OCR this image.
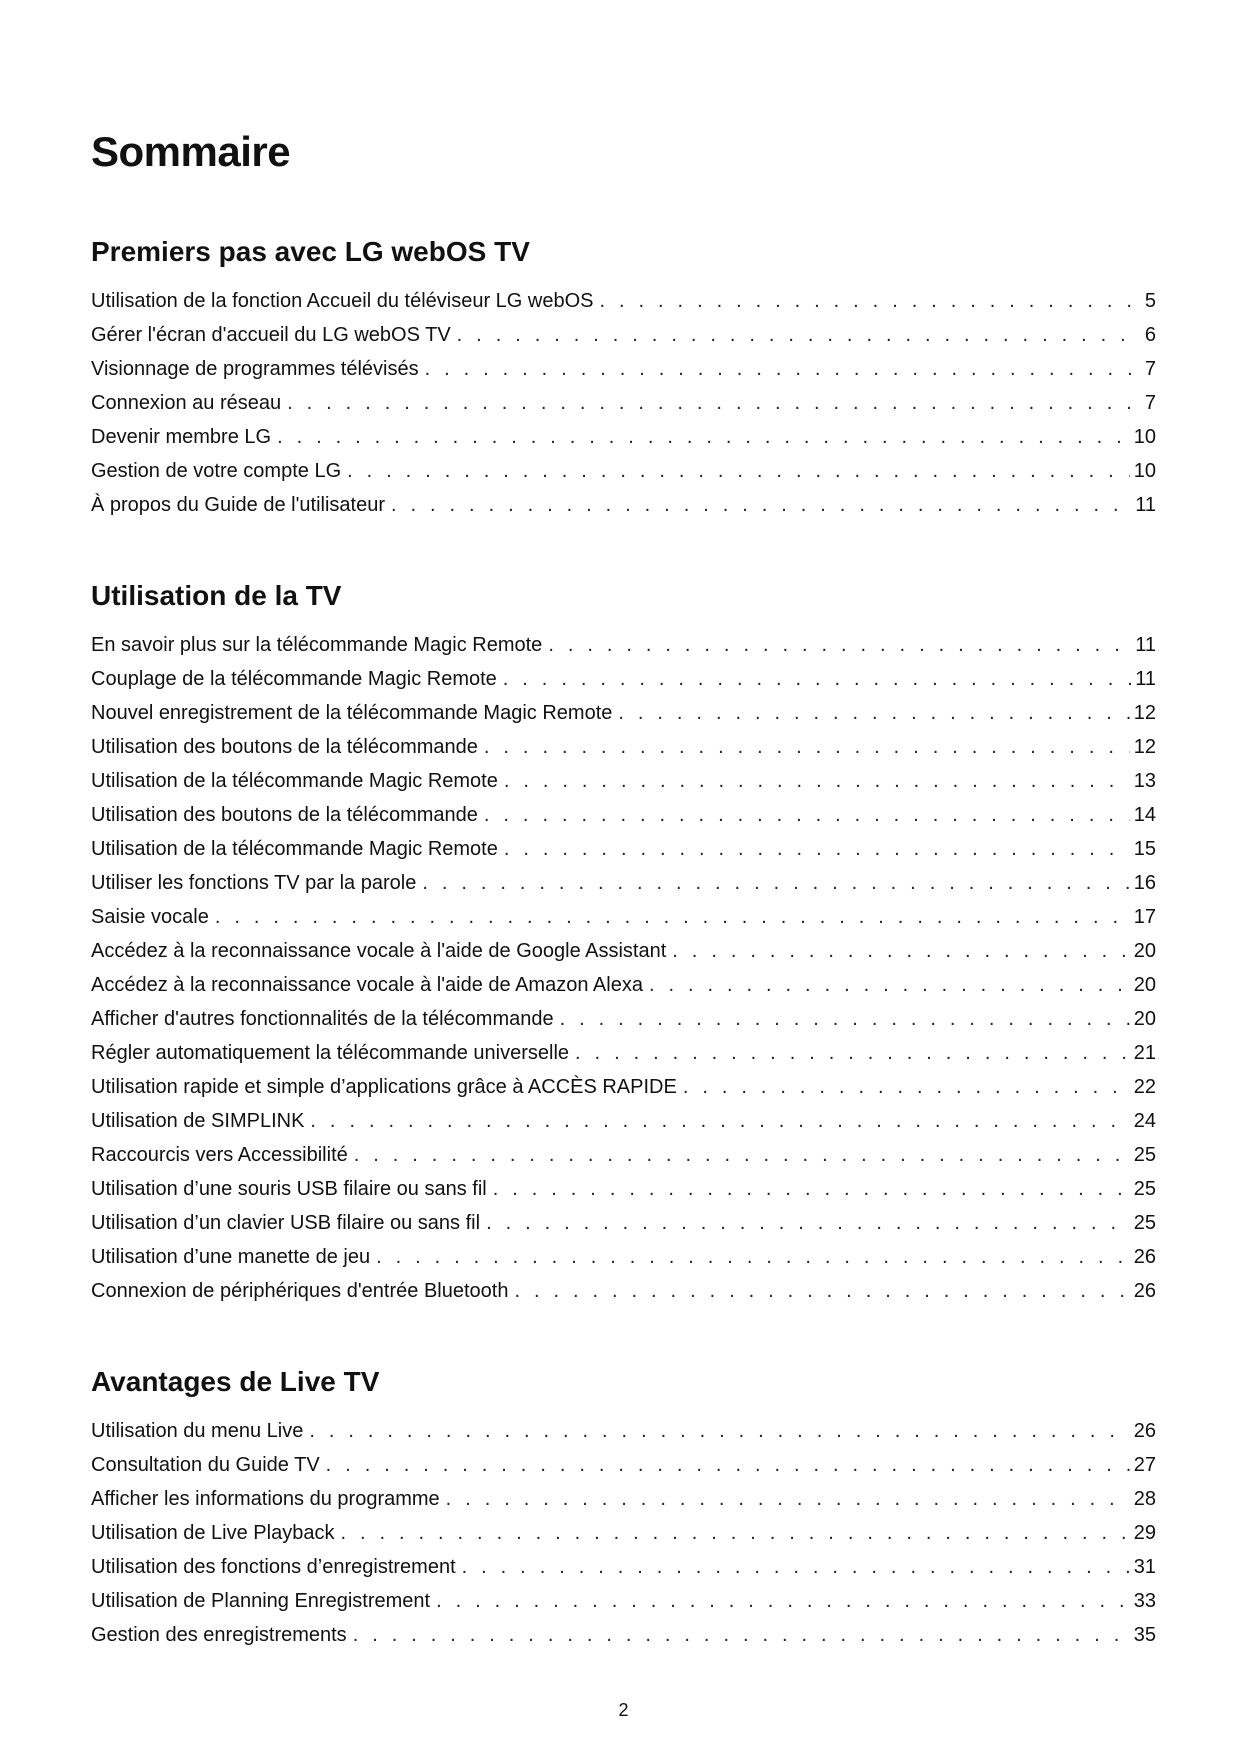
Sommaire
Premiers pas avec LG webOS TV
Utilisation de la fonction Accueil du téléviseur LG webOS . . .	5
Gérer l'écran d'accueil du LG webOS TV . . .	6
Visionnage de programmes télévisés . . .	7
Connexion au réseau . . .	7
Devenir membre LG . . .	10
Gestion de votre compte LG . . .	10
À propos du Guide de l'utilisateur . . .	11
Utilisation de la TV
En savoir plus sur la télécommande Magic Remote . . .	11
Couplage de la télécommande Magic Remote . . .	11
Nouvel enregistrement de la télécommande Magic Remote . . .	12
Utilisation des boutons de la télécommande . . .	12
Utilisation de la télécommande Magic Remote . . .	13
Utilisation des boutons de la télécommande . . .	14
Utilisation de la télécommande Magic Remote . . .	15
Utiliser les fonctions TV par la parole . . .	16
Saisie vocale . . .	17
Accédez à la reconnaissance vocale à l'aide de Google Assistant . . .	20
Accédez à la reconnaissance vocale à l'aide de Amazon Alexa . . .	20
Afficher d'autres fonctionnalités de la télécommande . . .	20
Régler automatiquement la télécommande universelle . . .	21
Utilisation rapide et simple d’applications grâce à ACCÈS RAPIDE . . .	22
Utilisation de SIMPLINK . . .	24
Raccourcis vers Accessibilité . . .	25
Utilisation d’une souris USB filaire ou sans fil . . .	25
Utilisation d’un clavier USB filaire ou sans fil . . .	25
Utilisation d’une manette de jeu . . .	26
Connexion de périphériques d'entrée Bluetooth . . .	26
Avantages de Live TV
Utilisation du menu Live . . .	26
Consultation du Guide TV . . .	27
Afficher les informations du programme . . .	28
Utilisation de Live Playback . . .	29
Utilisation des fonctions d’enregistrement . . .	31
Utilisation de Planning Enregistrement . . .	33
Gestion des enregistrements . . .	35
2
